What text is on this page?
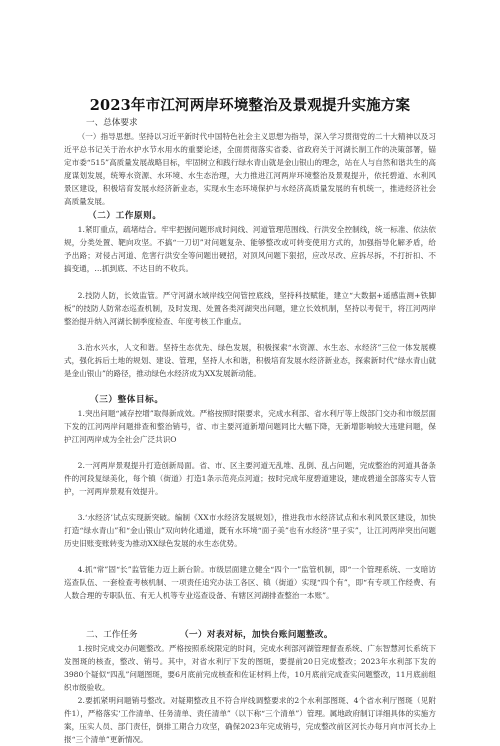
2023年市江河两岸环境整治及景观提升实施方案
一、总体要求
（一）指导思想。坚持以习近平新时代中国特色社会主义思想为指导，深入学习贯彻党的二十大精神以及习近平总书记关于治水护水节水用水的重要论述，全面贯彻落实省委、省政府关于河湖长制工作的决策部署，锚定市委“515”高质量发展战略目标，牢固树立和践行绿水青山就是金山银山的理念，站在人与自然和谐共生的高度谋划发展，统筹水资源、水环境、水生态治理，大力推进江河两岸环境整治及景观提升，依托碧道、水利风景区建设，积极培育发展水经济新业态，实现水生态环境保护与水经济高质量发展的有机统一，推进经济社会高质量发展。
（二）工作原则。
1.紧盯重点，疏堵结合。牢牢把握问题形成时间线、河道管理范围线、行洪安全控制线，统一标准、依法依规，分类处置、靶向攻坚。不搞“一刀切”对问题复杂、能够整改或可转变使用方式的，加强指导化解矛盾，给予出路；对侵占河道、危害行洪安全等问题出硬招，对顶风问题下狠招，应改尽改、应拆尽拆，不打折扣、不搞变通，…抓到底、不达目的不收兵。
2.技防人防，长效监管。严守河湖水域岸线空间管控底线，坚持科技赋能，建立“大数据+遥感监测+铁脚板”的技防人防常态巡查机制，及时发现、处置各类河湖突出问题，建立长效机制，坚持以考促干，将江河两岸整治提升纳入河湖长制季度检查、年度考核工作重点。
3.治水兴水，人文和谐。坚持生态优先、绿色发展，积极探索“水资源、水生态、水经济”三位一体发展模式，强化拆后土地的规划、建设、管理，坚持人水和谐，积极培育发展水经济新业态，探索新时代“绿水青山就是金山银山”的路径，推动绿色水经济成为XX发展新动能。
（三）整体目标。
1.突出问题“减存控增”取得新成效。严格按照时限要求，完成水利部、省水利厅等上级部门交办和市级层面下发的江河两岸问题排查和整治销号，省、市主要河道新增问题同比大幅下降，无新增影响较大违建问题，保护江河两岸成为全社会广泛共识O
2.一河两岸景观提升打造创新局面。省、市、区主要河道无乱堆、乱倒、乱占问题，完成整治的河道具备条件的河段复绿美化，每个镇（街道）打造1条示范亮点河道；按时完成年度碧道建设，建成碧道全部落实专人管护，一河两岸景观有效提升。
3.‘水经济’试点实现新突破。编制《XX市水经济发展规划》，推进我市水经济试点和水利风景区建设，加快打造“绿水青山”和“金山银山”双向转化通道，既有水环境“面子美”也有水经济“里子实”，让江河两岸突出问题历史旧账变账转变为推动XX绿色发展的水生态优势。
4.抓“常”固“长”监管能力迈上新台阶。市级层面建立健全“四个一”监管机制，即“一个管理系统、一支暗访巡查队伍、一套检查考核机制、一项责任追究办法工各区、镇（街道）实现“四个有”，即“有专项工作经费、有人数合理的专职队伍、有无人机等专业巡查设备、有辖区河湖排查整治一本账”。
二、工作任务	（一）对表对标，加快台账问题整改。
1.按时完成交办问题整改。严格按照系统限定的时间，完成水利部河湖管理督查系统、广东智慧河长系统下发图斑的核查，整改、销号。其中，对省水利厅下发的图斑，要提前20日完成整改；2023年水利部下发的3980个疑似“四乱”问题图斑，要6月底前完成核查和佐证材料上传，10月底前完成查实问题整改，11月底前组织市级验收。
2.要抓紧明问题销号整改。对疑期整改且不符合岸线调整要求的2个水利部图斑、4个省水利厅图斑（见附件1），严格落实‘工作清单、任务清单、责任清单”（以下称“三个清单”）管理。属地政府制订详细具体的实施方案，压实人员、部门责任，倒排工期合力攻坚，确保2023年完成销号，完成整改前区河长办每月向市河长办上报“三个清单”更新情况。
